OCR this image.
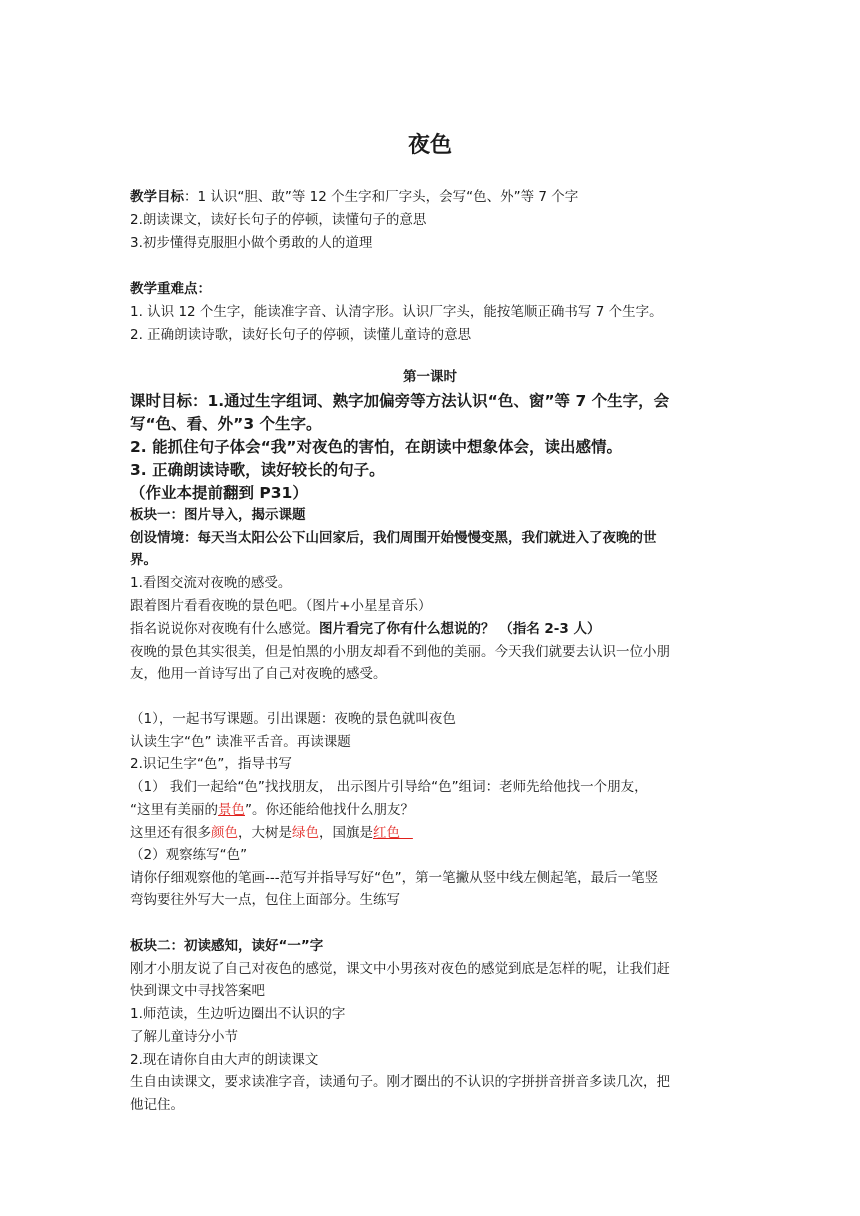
夜色
教学目标：1 认识“胆、敢”等 12 个生字和厂字头，会写“色、外”等 7 个字
2.朗读课文，读好长句子的停顿，读懂句子的意思
3.初步懂得克服胆小做个勇敢的人的道理
教学重难点：
1. 认识 12 个生字，能读准字音、认清字形。认识厂字头，能按笔顺正确书写 7 个生字。
2. 正确朗读诗歌，读好长句子的停顿，读懂儿童诗的意思
第一课时
课时目标：1.通过生字组词、熟字加偏旁等方法认识“色、窗”等 7 个生字，会
写“色、看、外”3 个生字。
2. 能抓住句子体会“我”对夜色的害怕，在朗读中想象体会，读出感情。
3. 正确朗读诗歌，读好较长的句子。
（作业本提前翻到 P31）
板块一：图片导入，揭示课题
创设情境：每天当太阳公公下山回家后，我们周围开始慢慢变黑，我们就进入了夜晚的世
界。
1.看图交流对夜晚的感受。
跟着图片看看夜晚的景色吧。（图片+小星星音乐）
指名说说你对夜晚有什么感觉。图片看完了你有什么想说的？ （指名 2-3 人）
夜晚的景色其实很美，但是怕黑的小朋友却看不到他的美丽。今天我们就要去认识一位小朋
友，他用一首诗写出了自己对夜晚的感受。
（1），一起书写课题。引出课题：夜晚的景色就叫夜色
认读生字“色” 读准平舌音。再读课题
2.识记生字“色”，指导书写
（1） 我们一起给“色”找找朋友， 出示图片引导给“色”组词：老师先给他找一个朋友，
“这里有美丽的景色”。你还能给他找什么朋友？
这里还有很多颜色，大树是绿色，国旗是红色
（2）观察练写“色”
请你仔细观察他的笔画---范写并指导写好“色”，第一笔撇从竖中线左侧起笔，最后一笔竖
弯钩要往外写大一点，包住上面部分。生练写
板块二：初读感知，读好“一”字
刚才小朋友说了自己对夜色的感觉，课文中小男孩对夜色的感觉到底是怎样的呢，让我们赶
快到课文中寻找答案吧
1.师范读，生边听边圈出不认识的字
了解儿童诗分小节
2.现在请你自由大声的朗读课文
生自由读课文，要求读准字音，读通句子。刚才圈出的不认识的字拼拼音拼音多读几次，把
他记住。
